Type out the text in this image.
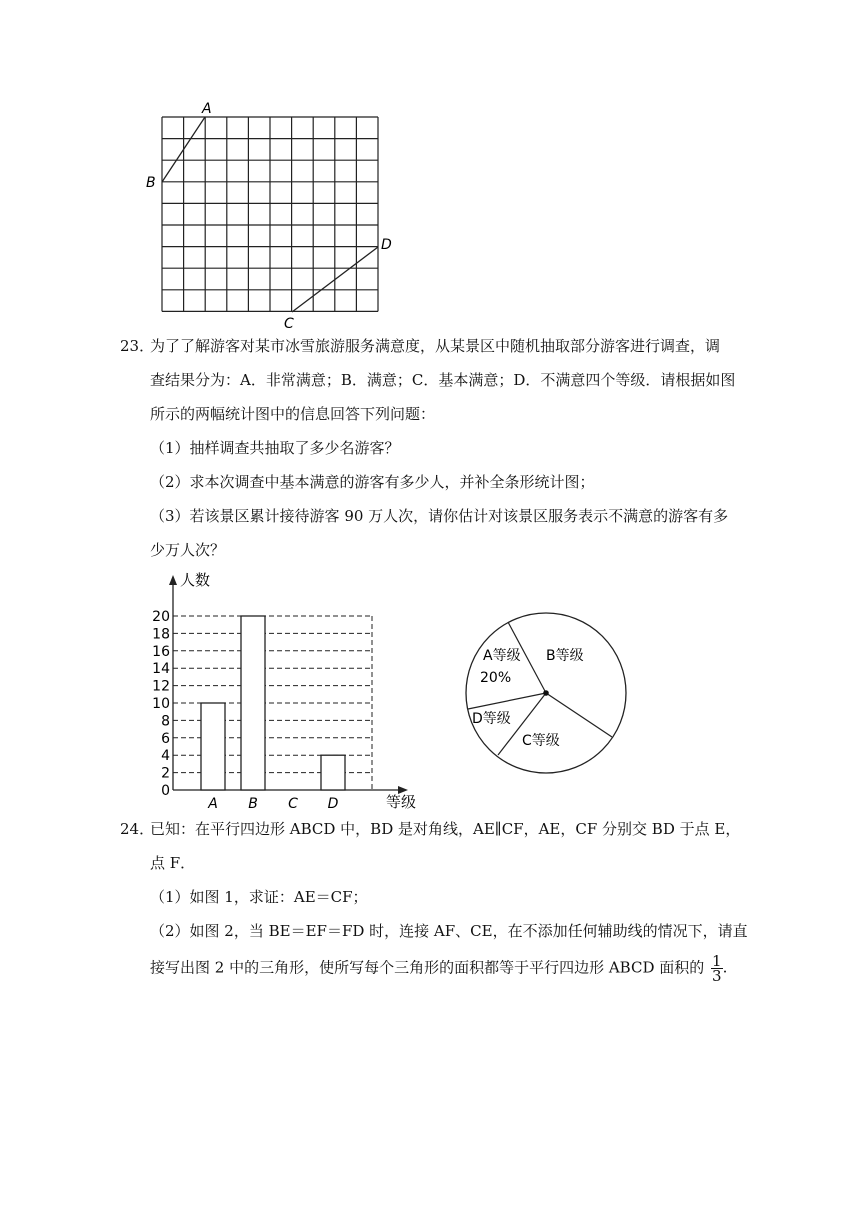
A
B
C
D
23．
为了了解游客对某市冰雪旅游服务满意度，从某景区中随机抽取部分游客进行调查，调
查结果分为：A．非常满意；B．满意；C．基本满意；D．不满意四个等级．请根据如图
所示的两幅统计图中的信息回答下列问题：
（1）抽样调查共抽取了多少名游客？
（2）求本次调查中基本满意的游客有多少人，并补全条形统计图；
（3）若该景区累计接待游客 90 万人次，请你估计对该景区服务表示不满意的游客有多
少万人次？
0
2
4
6
8
10
12
14
16
18
20
A B C D
人数
等级
A等级
20%
B等级
C等级
D等级
24．
已知：在平行四边形 ABCD 中，BD 是对角线，AE∥CF，AE，CF 分别交 BD 于点 E，
点 F．
（1）如图 1，求证：AE＝CF；
（2）如图 2，当 BE＝EF＝FD 时，连接 AF、CE，在不添加任何辅助线的情况下，请直
接写出图 2 中的三角形，使所写每个三角形的面积都等于平行四边形 ABCD 面积的 $\frac{1}{3}$ .
